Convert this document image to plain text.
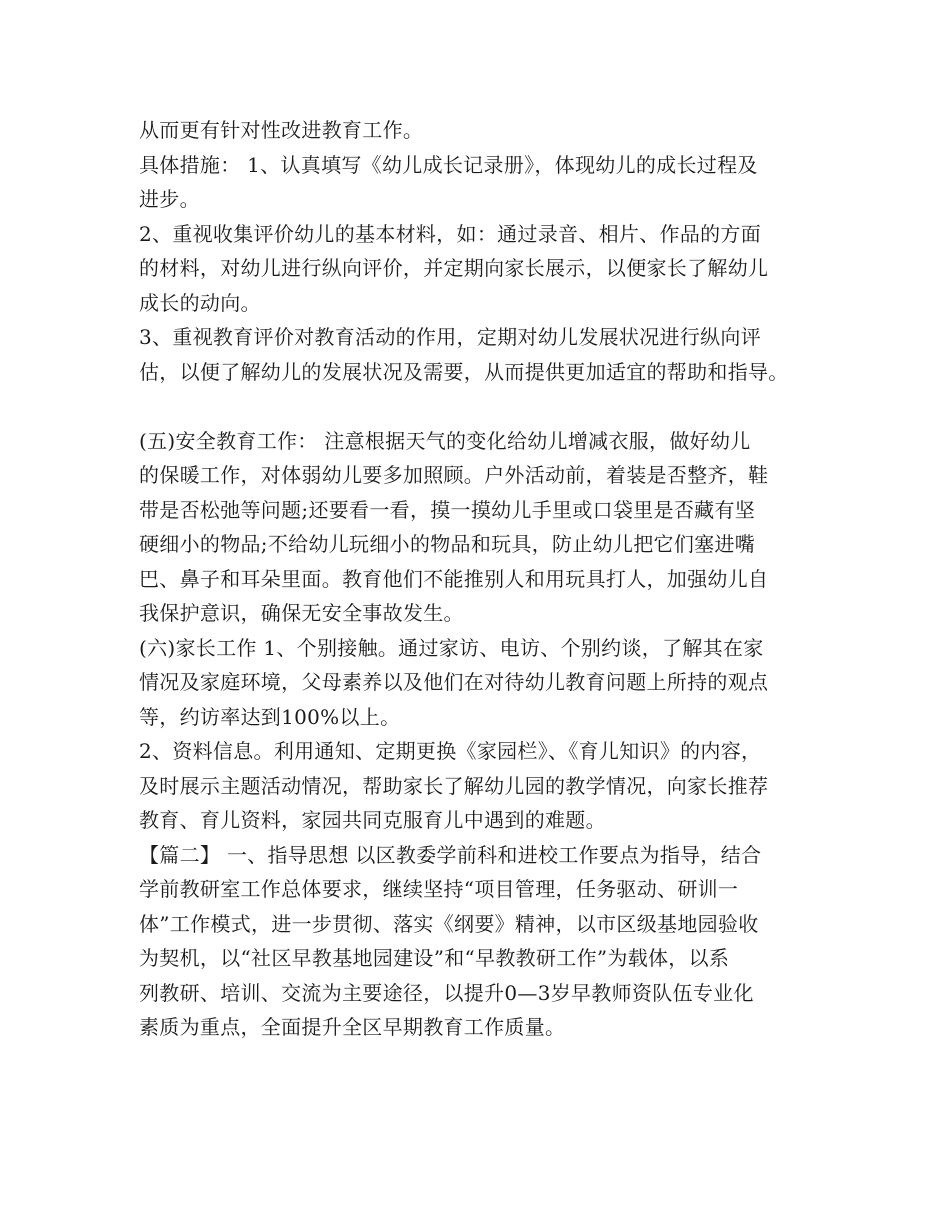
从而更有针对性改进教育工作。
具体措施： 1、认真填写《幼儿成长记录册》，体现幼儿的成长过程及
进步。
2、重视收集评价幼儿的基本材料，如：通过录音、相片、作品的方面
的材料，对幼儿进行纵向评价，并定期向家长展示，以便家长了解幼儿
成长的动向。
3、重视教育评价对教育活动的作用，定期对幼儿发展状况进行纵向评
估，以便了解幼儿的发展状况及需要，从而提供更加适宜的帮助和指导。
(五)安全教育工作： 注意根据天气的变化给幼儿增减衣服，做好幼儿
的保暖工作，对体弱幼儿要多加照顾。户外活动前，着装是否整齐，鞋
带是否松弛等问题;还要看一看，摸一摸幼儿手里或口袋里是否藏有坚
硬细小的物品;不给幼儿玩细小的物品和玩具，防止幼儿把它们塞进嘴
巴、鼻子和耳朵里面。教育他们不能推别人和用玩具打人，加强幼儿自
我保护意识，确保无安全事故发生。
(六)家长工作 1、个别接触。通过家访、电访、个别约谈，了解其在家
情况及家庭环境，父母素养以及他们在对待幼儿教育问题上所持的观点
等，约访率达到100%以上。
2、资料信息。利用通知、定期更换《家园栏》、《育儿知识》的内容，
及时展示主题活动情况，帮助家长了解幼儿园的教学情况，向家长推荐
教育、育儿资料，家园共同克服育儿中遇到的难题。
【篇二】 一、指导思想 以区教委学前科和进校工作要点为指导，结合
学前教研室工作总体要求，继续坚持“项目管理，任务驱动、研训一
体”工作模式，进一步贯彻、落实《纲要》精神，以市区级基地园验收
为契机，以“社区早教基地园建设”和“早教教研工作”为载体，以系
列教研、培训、交流为主要途径，以提升0—3岁早教师资队伍专业化
素质为重点，全面提升全区早期教育工作质量。
